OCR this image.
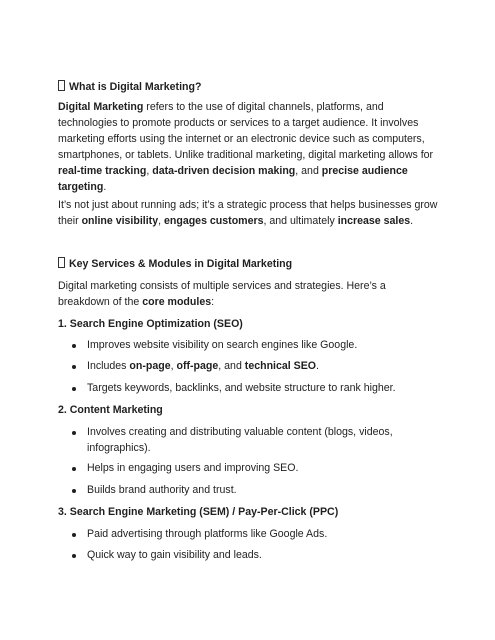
What is Digital Marketing?

Digital Marketing refers to the use of digital channels, platforms, and technologies to promote products or services to a target audience. It involves marketing efforts using the internet or an electronic device such as computers, smartphones, or tablets. Unlike traditional marketing, digital marketing allows for real-time tracking, data-driven decision making, and precise audience targeting.

It’s not just about running ads; it’s a strategic process that helps businesses grow their online visibility, engages customers, and ultimately increase sales.

Key Services & Modules in Digital Marketing

Digital marketing consists of multiple services and strategies. Here’s a breakdown of the core modules:

1. Search Engine Optimization (SEO)
Improves website visibility on search engines like Google.
Includes on-page, off-page, and technical SEO.
Targets keywords, backlinks, and website structure to rank higher.
2. Content Marketing
Involves creating and distributing valuable content (blogs, videos, infographics).
Helps in engaging users and improving SEO.
Builds brand authority and trust.
3. Search Engine Marketing (SEM) / Pay-Per-Click (PPC)
Paid advertising through platforms like Google Ads.
Quick way to gain visibility and leads.
